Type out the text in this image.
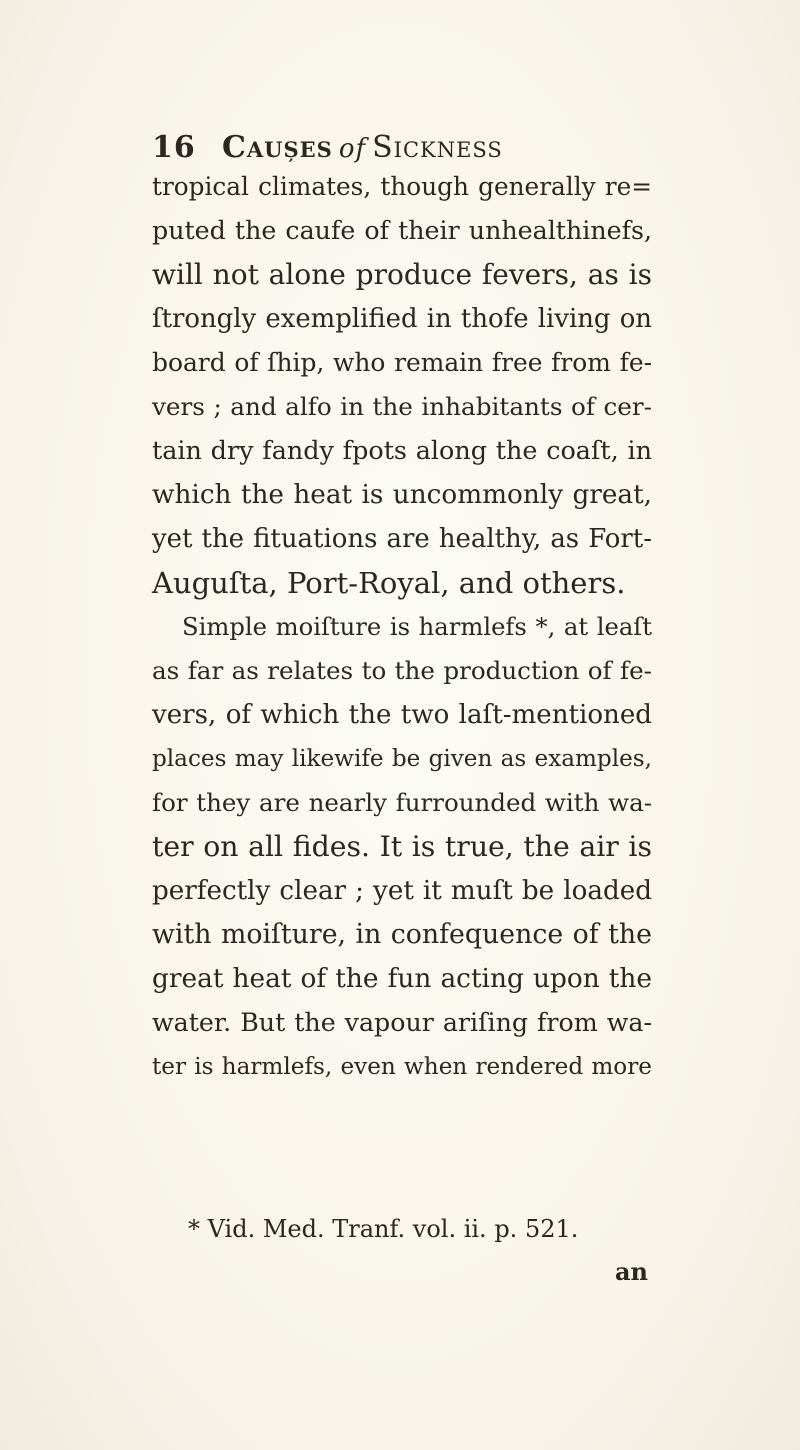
16 Caușes of Sickness
tropical climates, though generally re=
puted the caufe of their unhealthinefs,
will not alone produce fevers, as is
ſtrongly exemplified in thofe living on
board of ſhip, who remain free from fe-
vers ; and alfo in the inhabitants of cer-
tain dry fandy fpots along the coaſt, in
which the heat is uncommonly great,
yet the fituations are healthy, as Fort-
Auguſta, Port-Royal, and others.
Simple moiſture is harmlefs *, at leaſt
as far as relates to the production of fe-
vers, of which the two laſt-mentioned
places may likewife be given as examples,
for they are nearly furrounded with wa-
ter on all fides. It is true, the air is
perfectly clear ; yet it muſt be loaded
with moiſture, in confequence of the
great heat of the fun acting upon the
water. But the vapour ariſing from wa-
ter is harmlefs, even when rendered more
* Vid. Med. Tranf. vol. ii. p. 521.
an
